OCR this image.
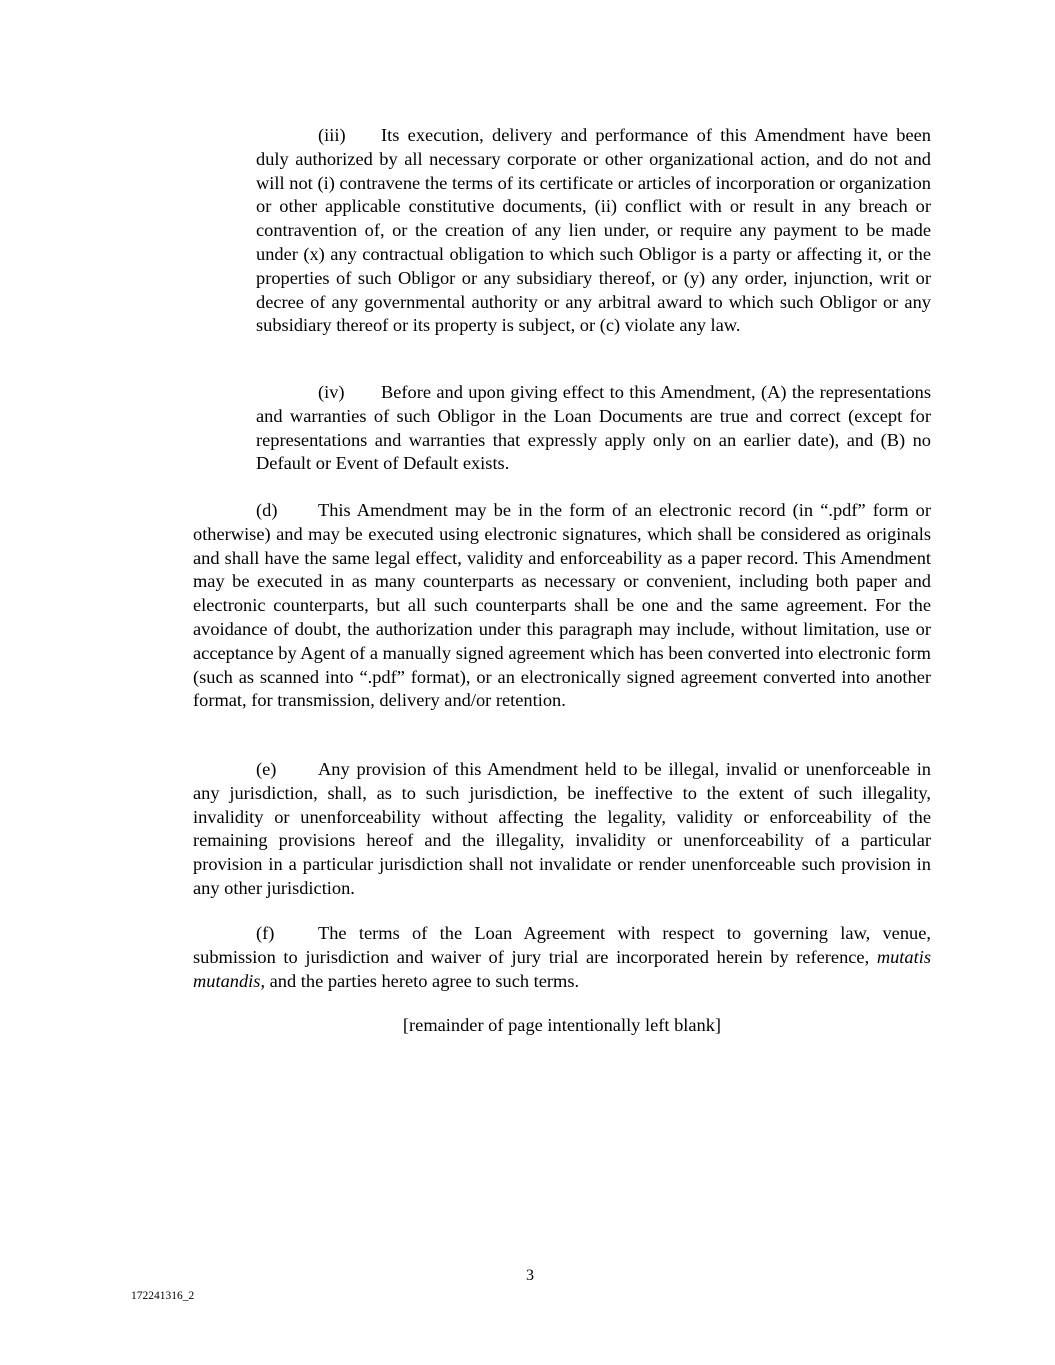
(iii) Its execution, delivery and performance of this Amendment have been duly authorized by all necessary corporate or other organizational action, and do not and will not (i) contravene the terms of its certificate or articles of incorporation or organization or other applicable constitutive documents, (ii) conflict with or result in any breach or contravention of, or the creation of any lien under, or require any payment to be made under (x) any contractual obligation to which such Obligor is a party or affecting it, or the properties of such Obligor or any subsidiary thereof, or (y) any order, injunction, writ or decree of any governmental authority or any arbitral award to which such Obligor or any subsidiary thereof or its property is subject, or (c) violate any law.

(iv) Before and upon giving effect to this Amendment, (A) the representations and warranties of such Obligor in the Loan Documents are true and correct (except for representations and warranties that expressly apply only on an earlier date), and (B) no Default or Event of Default exists.

(d) This Amendment may be in the form of an electronic record (in “.pdf” form or otherwise) and may be executed using electronic signatures, which shall be considered as originals and shall have the same legal effect, validity and enforceability as a paper record. This Amendment may be executed in as many counterparts as necessary or convenient, including both paper and electronic counterparts, but all such counterparts shall be one and the same agreement. For the avoidance of doubt, the authorization under this paragraph may include, without limitation, use or acceptance by Agent of a manually signed agreement which has been converted into electronic form (such as scanned into “.pdf” format), or an electronically signed agreement converted into another format, for transmission, delivery and/or retention.

(e) Any provision of this Amendment held to be illegal, invalid or unenforceable in any jurisdiction, shall, as to such jurisdiction, be ineffective to the extent of such illegality, invalidity or unenforceability without affecting the legality, validity or enforceability of the remaining provisions hereof and the illegality, invalidity or unenforceability of a particular provision in a particular jurisdiction shall not invalidate or render unenforceable such provision in any other jurisdiction.

(f) The terms of the Loan Agreement with respect to governing law, venue, submission to jurisdiction and waiver of jury trial are incorporated herein by reference, mutatis mutandis, and the parties hereto agree to such terms.

[remainder of page intentionally left blank]
3
172241316_2
